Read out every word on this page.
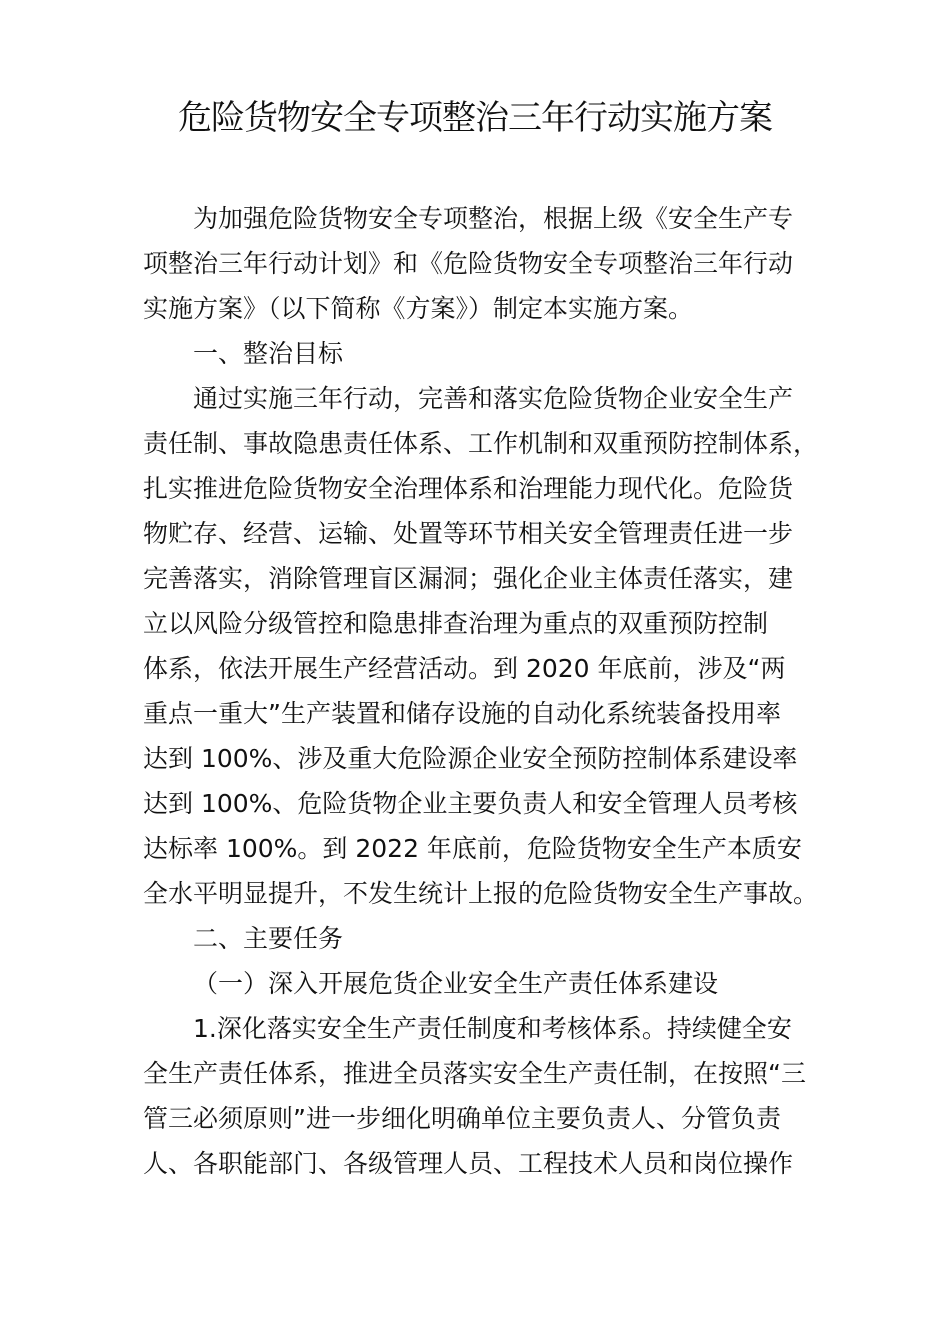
危险货物安全专项整治三年行动实施方案
为加强危险货物安全专项整治，根据上级《安全生产专
项整治三年行动计划》和《危险货物安全专项整治三年行动
实施方案》（以下简称《方案》）制定本实施方案。
一、整治目标
通过实施三年行动，完善和落实危险货物企业安全生产
责任制、事故隐患责任体系、工作机制和双重预防控制体系，
扎实推进危险货物安全治理体系和治理能力现代化。危险货
物贮存、经营、运输、处置等环节相关安全管理责任进一步
完善落实，消除管理盲区漏洞；强化企业主体责任落实，建
立以风险分级管控和隐患排查治理为重点的双重预防控制
体系，依法开展生产经营活动。到 2020 年底前，涉及“两
重点一重大”生产装置和储存设施的自动化系统装备投用率
达到 100%、涉及重大危险源企业安全预防控制体系建设率
达到 100%、危险货物企业主要负责人和安全管理人员考核
达标率 100%。到 2022 年底前，危险货物安全生产本质安
全水平明显提升，不发生统计上报的危险货物安全生产事故。
二、主要任务
（一）深入开展危货企业安全生产责任体系建设
1.深化落实安全生产责任制度和考核体系。持续健全安
全生产责任体系，推进全员落实安全生产责任制，在按照“三
管三必须原则”进一步细化明确单位主要负责人、分管负责
人、各职能部门、各级管理人员、工程技术人员和岗位操作
